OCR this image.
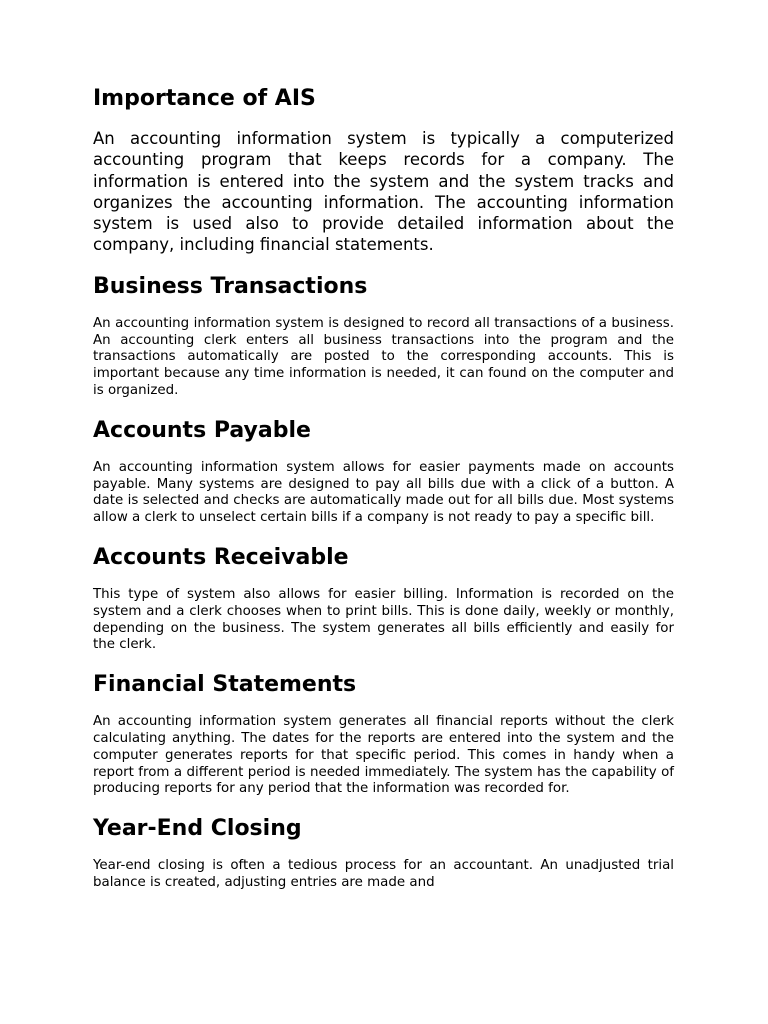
Importance of AIS

An accounting information system is typically a computerized accounting program that keeps records for a company. The information is entered into the system and the system tracks and organizes the accounting information. The accounting information system is used also to provide detailed information about the company, including financial statements.

Business Transactions

An accounting information system is designed to record all transactions of a business. An accounting clerk enters all business transactions into the program and the transactions automatically are posted to the corresponding accounts. This is important because any time information is needed, it can found on the computer and is organized.

Accounts Payable

An accounting information system allows for easier payments made on accounts payable. Many systems are designed to pay all bills due with a click of a button. A date is selected and checks are automatically made out for all bills due. Most systems allow a clerk to unselect certain bills if a company is not ready to pay a specific bill.

Accounts Receivable

This type of system also allows for easier billing. Information is recorded on the system and a clerk chooses when to print bills. This is done daily, weekly or monthly, depending on the business. The system generates all bills efficiently and easily for the clerk.

Financial Statements

An accounting information system generates all financial reports without the clerk calculating anything. The dates for the reports are entered into the system and the computer generates reports for that specific period. This comes in handy when a report from a different period is needed immediately. The system has the capability of producing reports for any period that the information was recorded for.

Year-End Closing

Year-end closing is often a tedious process for an accountant. An unadjusted trial balance is created, adjusting entries are made and
